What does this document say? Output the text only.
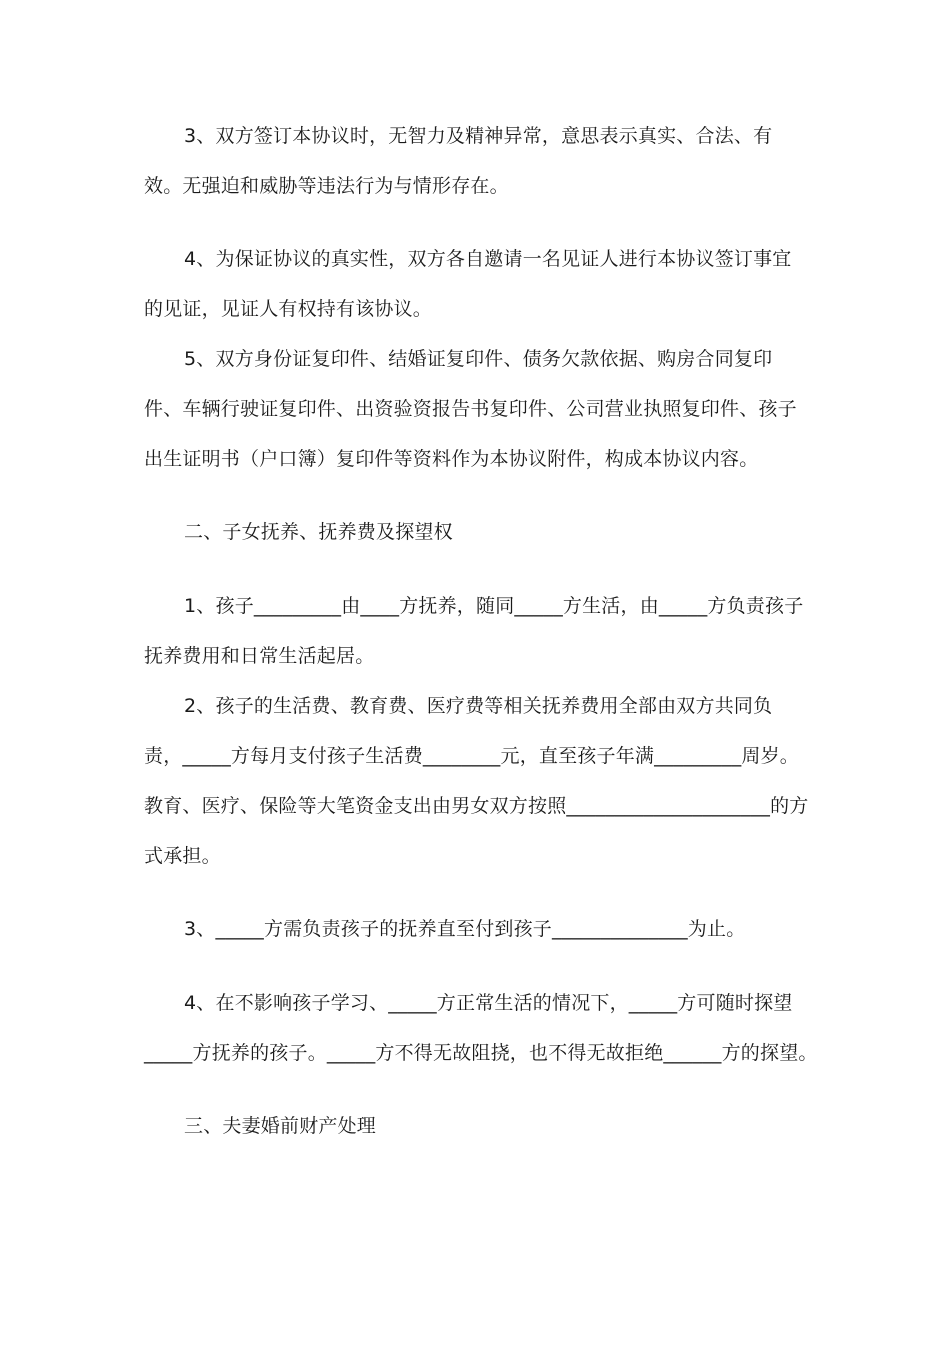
3、双方签订本协议时，无智力及精神异常，意思表示真实、合法、有
效。无强迫和威胁等违法行为与情形存在。
4、为保证协议的真实性，双方各自邀请一名见证人进行本协议签订事宜
的见证，见证人有权持有该协议。
5、双方身份证复印件、结婚证复印件、债务欠款依据、购房合同复印
件、车辆行驶证复印件、出资验资报告书复印件、公司营业执照复印件、孩子
出生证明书（户口簿）复印件等资料作为本协议附件，构成本协议内容。
二、子女抚养、抚养费及探望权
1、孩子_________由____方抚养，随同_____方生活，由_____方负责孩子
抚养费用和日常生活起居。
2、孩子的生活费、教育费、医疗费等相关抚养费用全部由双方共同负
责，_____方每月支付孩子生活费________元，直至孩子年满_________周岁。
教育、医疗、保险等大笔资金支出由男女双方按照_____________________的方
式承担。
3、_____方需负责孩子的抚养直至付到孩子______________为止。
4、在不影响孩子学习、_____方正常生活的情况下，_____方可随时探望
_____方抚养的孩子。_____方不得无故阻挠，也不得无故拒绝______方的探望。
三、夫妻婚前财产处理
